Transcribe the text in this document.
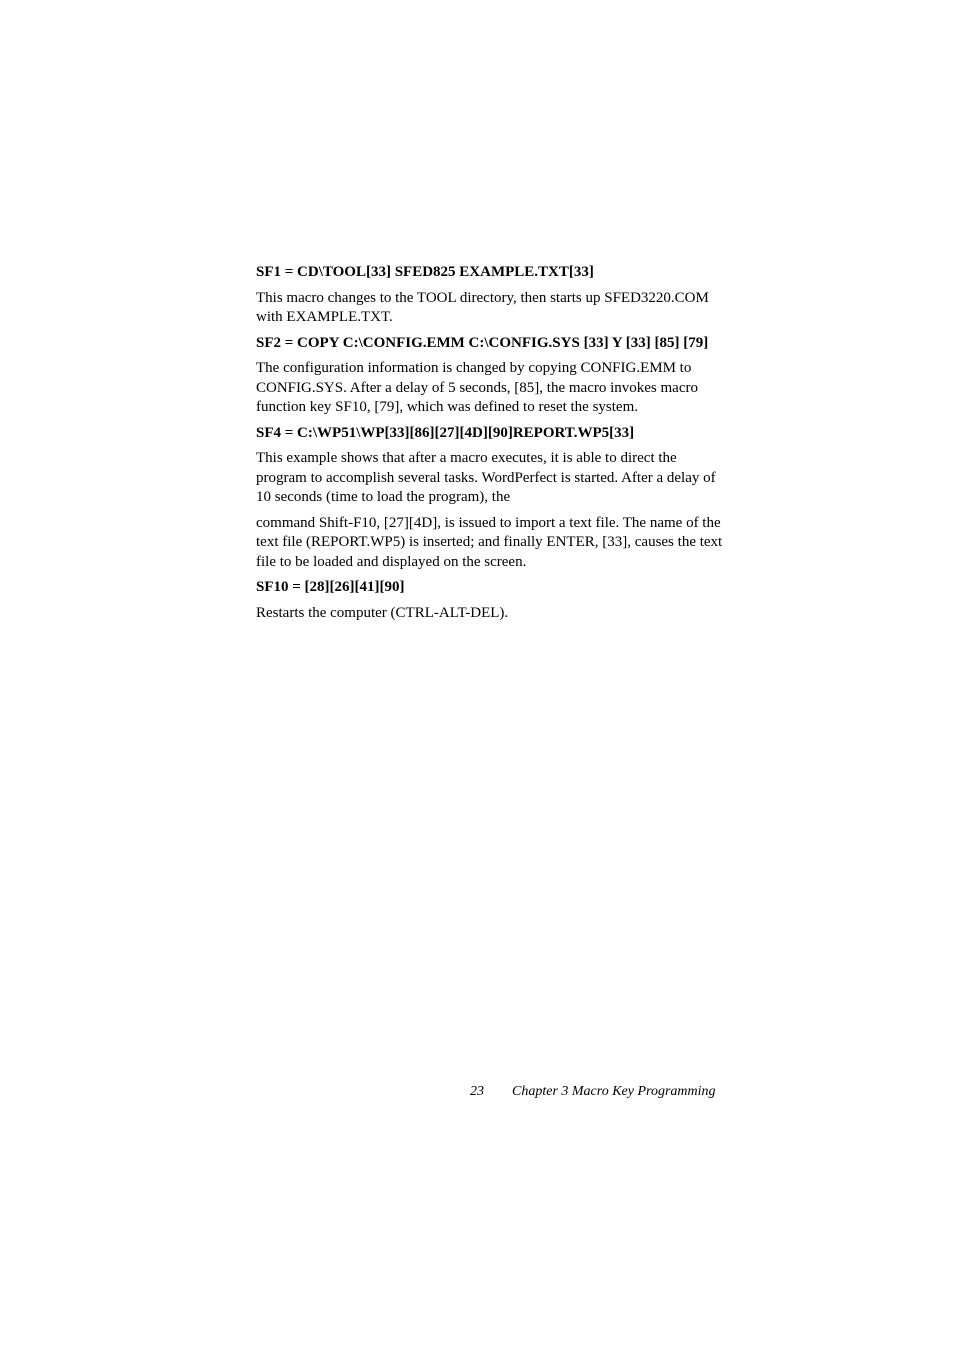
SF1 = CD\TOOL[33] SFED825 EXAMPLE.TXT[33]
This macro changes to the TOOL directory, then starts up SFED3220.COM with EXAMPLE.TXT.
SF2 = COPY C:\CONFIG.EMM C:\CONFIG.SYS [33] Y [33] [85] [79]
The configuration information is changed by copying CONFIG.EMM to CONFIG.SYS. After a delay of 5 seconds, [85], the macro invokes macro function key SF10, [79], which was defined to reset the system.
SF4 = C:\WP51\WP[33][86][27][4D][90]REPORT.WP5[33]
This example shows that after a macro executes, it is able to direct the program to accomplish several tasks. WordPerfect is started. After a delay of 10 seconds (time to load the program), the
command Shift-F10, [27][4D], is issued to import a text file. The name of the text file (REPORT.WP5) is inserted; and finally ENTER, [33], causes the text file to be loaded and displayed on the screen.
SF10 = [28][26][41][90]
Restarts the computer (CTRL-ALT-DEL).
23 Chapter 3 Macro Key Programming
